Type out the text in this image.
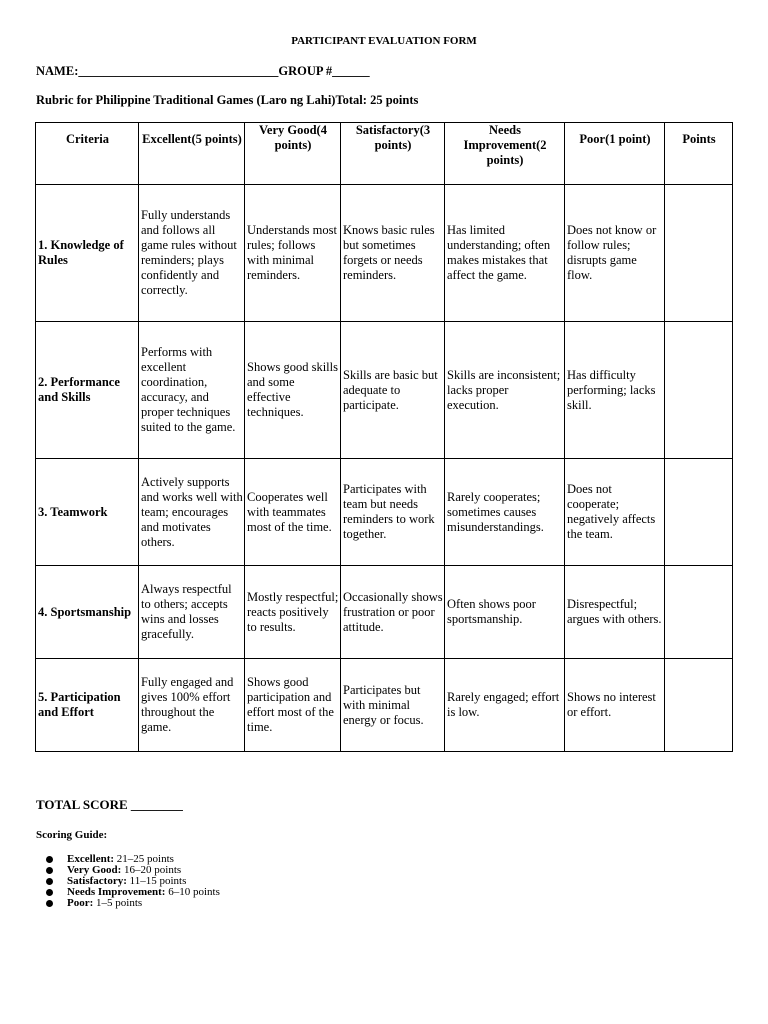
PARTICIPANT EVALUATION FORM
NAME:________________________________GROUP #______
Rubric for Philippine Traditional Games (Laro ng Lahi)Total: 25 points
Criteria	Excellent(5 points)	Very Good(4 points)	Satisfactory(3 points)	Needs Improvement(2 points)	Poor(1 point)	Points

1. Knowledge of Rules	Fully understands and follows all game rules without reminders; plays confidently and correctly.	Understands most rules; follows with minimal reminders.	Knows basic rules but sometimes forgets or needs reminders.	Has limited understanding; often makes mistakes that affect the game.	Does not know or follow rules; disrupts game flow.	
2. Performance and Skills	Performs with excellent coordination, accuracy, and proper techniques suited to the game.	Shows good skills and some effective techniques.	Skills are basic but adequate to participate.	Skills are inconsistent; lacks proper execution.	Has difficulty performing; lacks skill.	
3. Teamwork	Actively supports and works well with team; encourages and motivates others.	Cooperates well with teammates most of the time.	Participates with team but needs reminders to work together.	Rarely cooperates; sometimes causes misunderstandings.	Does not cooperate; negatively affects the team.	
4. Sportsmanship	Always respectful to others; accepts wins and losses gracefully.	Mostly respectful; reacts positively to results.	Occasionally shows frustration or poor attitude.	Often shows poor sportsmanship.	Disrespectful; argues with others.	
5. Participation and Effort	Fully engaged and gives 100% effort throughout the game.	Shows good participation and effort most of the time.	Participates but with minimal energy or focus.	Rarely engaged; effort is low.	Shows no interest or effort.	
TOTAL SCORE ________
Scoring Guide:
Excellent: 21–25 points
Very Good: 16–20 points
Satisfactory: 11–15 points
Needs Improvement: 6–10 points
Poor: 1–5 points
